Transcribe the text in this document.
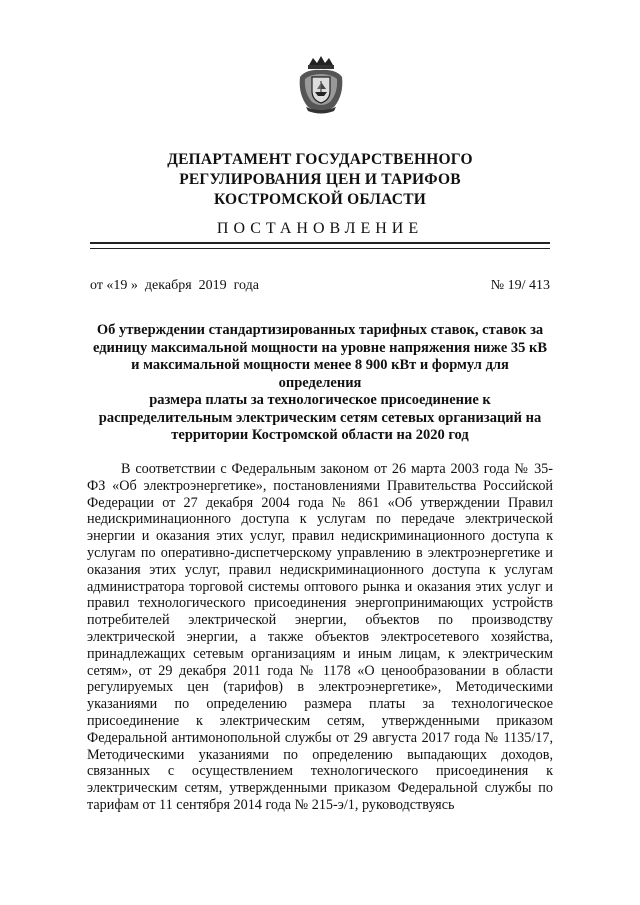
ДЕПАРТАМЕНТ ГОСУДАРСТВЕННОГО
РЕГУЛИРОВАНИЯ ЦЕН И ТАРИФОВ
КОСТРОМСКОЙ ОБЛАСТИ
ПОСТАНОВЛЕНИЕ
от «19 »  декабря  2019  года	№ 19/ 413
Об утверждении стандартизированных тарифных ставок, ставок за
единицу максимальной мощности на уровне напряжения ниже 35 кВ
и максимальной мощности менее 8 900 кВт и формул для определения
размера платы за технологическое присоединение к
распределительным электрическим сетям сетевых организаций на
территории Костромской области на 2020 год

В соответствии с Федеральным законом от 26 марта 2003 года № 35-ФЗ «Об электроэнергетике», постановлениями Правительства Российской Федерации от 27 декабря 2004 года № 861 «Об утверждении Правил недискриминационного доступа к услугам по передаче электрической энергии и оказания этих услуг, правил недискриминационного доступа к услугам по оперативно-диспетчерскому управлению в электроэнергетике и оказания этих услуг, правил недискриминационного доступа к услугам администратора торговой системы оптового рынка и оказания этих услуг и правил технологического присоединения энергопринимающих устройств потребителей электрической энергии, объектов по производству электрической энергии, а также объектов электросетевого хозяйства, принадлежащих сетевым организациям и иным лицам, к электрическим сетям», от 29 декабря 2011 года № 1178 «О ценообразовании в области регулируемых цен (тарифов) в электроэнергетике», Методическими указаниями по определению размера платы за технологическое присоединение к электрическим сетям, утвержденными приказом Федеральной антимонопольной службы от 29 августа 2017 года № 1135/17, Методическими указаниями по определению выпадающих доходов, связанных с осуществлением технологического присоединения к электрическим сетям, утвержденными приказом Федеральной службы по тарифам от 11 сентября 2014 года № 215-э/1, руководствуясь
